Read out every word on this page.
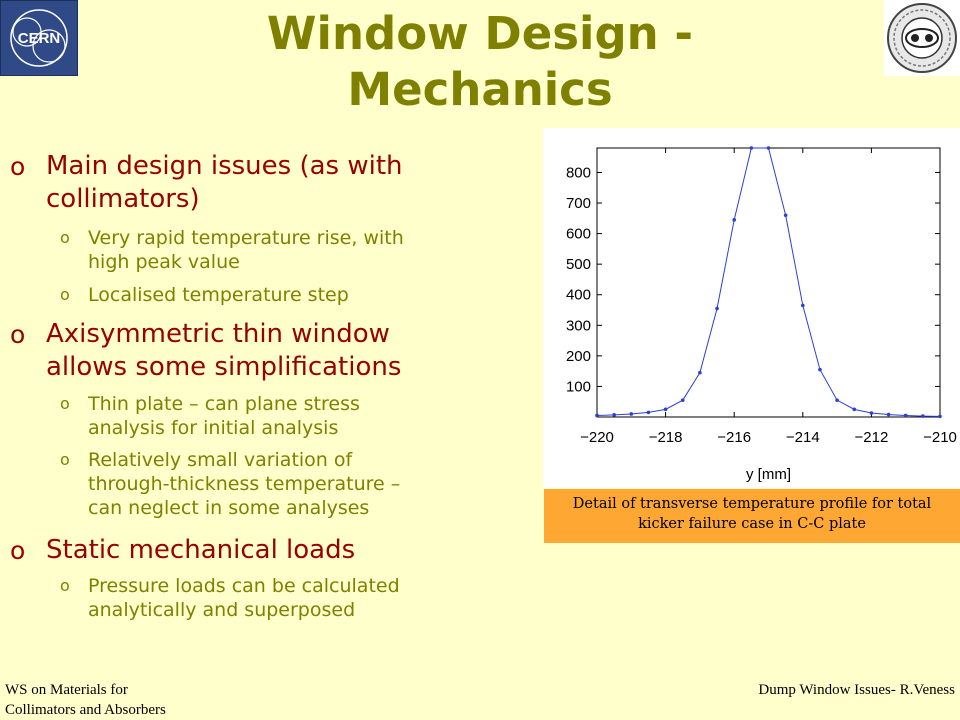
CERN	Window Design -
Mechanics
o Main design issues (as with
collimators)
o Very rapid temperature rise, with
high peak value
o Localised temperature step
o Axisymmetric thin window
allows some simplifications
o Thin plate – can plane stress
analysis for initial analysis
o Relatively small variation of
through-thickness temperature –
can neglect in some analyses
o Static mechanical loads
o Pressure loads can be calculated
analytically and superposed
−220 −218 −216 −214 −212 −210
100
200
300
400
500
600
700
800
y [mm]
Detail of transverse temperature profile for total
kicker failure case in C-C plate
WS on Materials for
Collimators and Absorbers
Dump Window Issues- R.Veness
